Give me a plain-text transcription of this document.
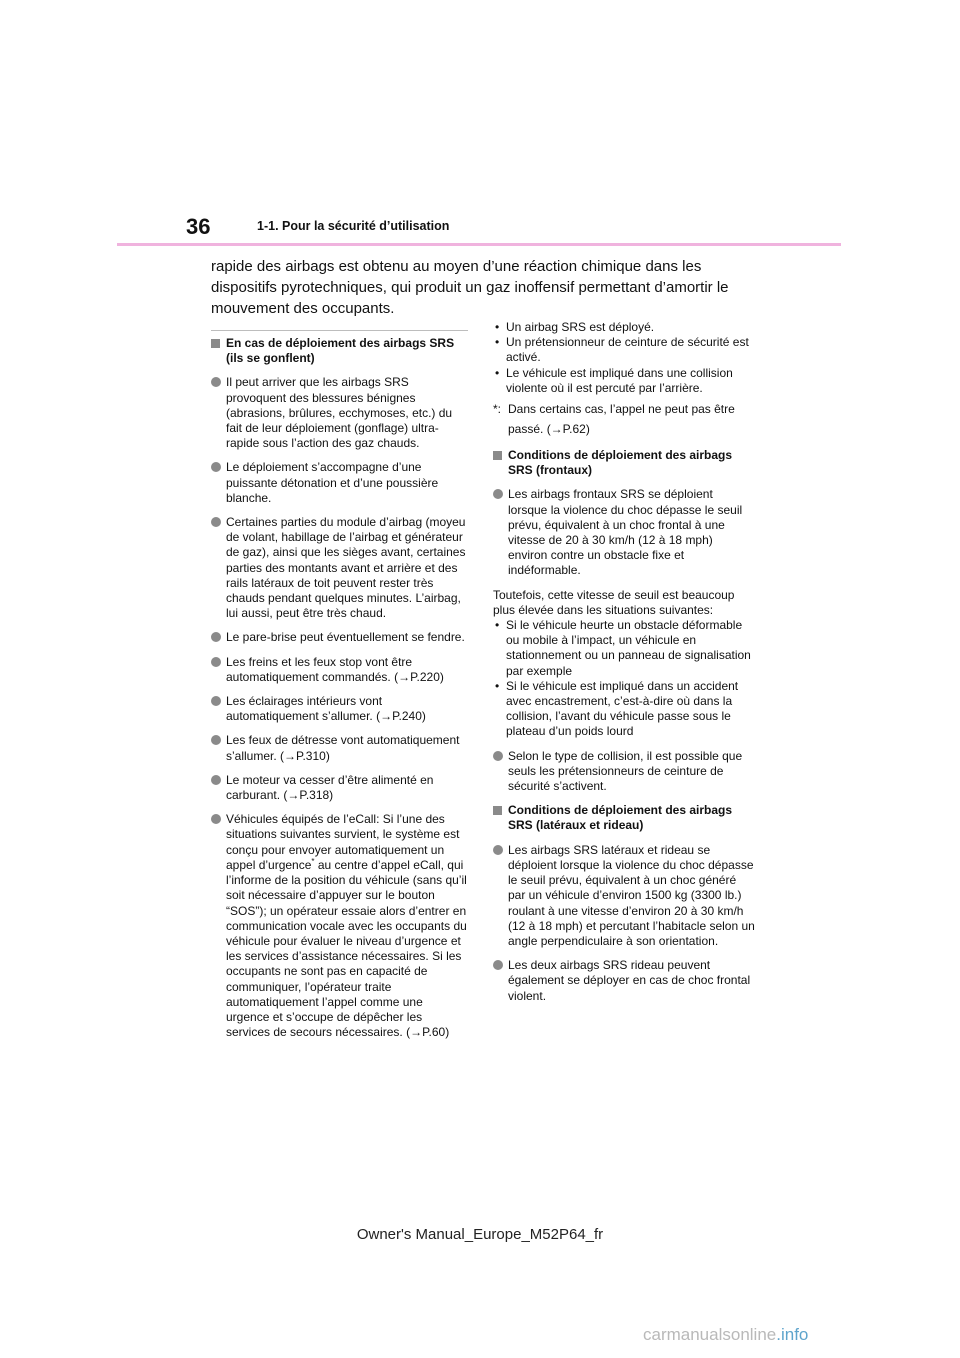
36	1-1. Pour la sécurité d’utilisation
rapide des airbags est obtenu au moyen d’une réaction chimique dans les dispositifs pyrotechniques, qui produit un gaz inoffensif permettant d’amortir le mouvement des occupants.
En cas de déploiement des airbags SRS (ils se gonflent)
Il peut arriver que les airbags SRS provoquent des blessures bénignes (abrasions, brûlures, ecchymoses, etc.) du fait de leur déploiement (gonflage) ultra-rapide sous l’action des gaz chauds.
Le déploiement s’accompagne d’une puissante détonation et d’une poussière blanche.
Certaines parties du module d’airbag (moyeu de volant, habillage de l’airbag et générateur de gaz), ainsi que les sièges avant, certaines parties des montants avant et arrière et des rails latéraux de toit peuvent rester très chauds pendant quelques minutes. L’airbag, lui aussi, peut être très chaud.
Le pare-brise peut éventuellement se fendre.
Les freins et les feux stop vont être automatiquement commandés. (→P.220)
Les éclairages intérieurs vont automatiquement s’allumer. (→P.240)
Les feux de détresse vont automatiquement s’allumer. (→P.310)
Le moteur va cesser d’être alimenté en carburant. (→P.318)
Véhicules équipés de l’eCall: Si l’une des situations suivantes survient, le système est conçu pour envoyer automatiquement un appel d’urgence* au centre d’appel eCall, qui l’informe de la position du véhicule (sans qu’il soit nécessaire d’appuyer sur le bouton “SOS”); un opérateur essaie alors d’entrer en communication vocale avec les occupants du véhicule pour évaluer le niveau d’urgence et les services d’assistance nécessaires. Si les occupants ne sont pas en capacité de communiquer, l’opérateur traite automatiquement l’appel comme une urgence et s’occupe de dépêcher les services de secours nécessaires. (→P.60)
• Un airbag SRS est déployé.
• Un prétensionneur de ceinture de sécurité est activé.
• Le véhicule est impliqué dans une collision violente où il est percuté par l’arrière.
*: Dans certains cas, l’appel ne peut pas être passé. (→P.62)
Conditions de déploiement des airbags SRS (frontaux)
Les airbags frontaux SRS se déploient lorsque la violence du choc dépasse le seuil prévu, équivalent à un choc frontal à une vitesse de 20 à 30 km/h (12 à 18 mph) environ contre un obstacle fixe et indéformable.
Toutefois, cette vitesse de seuil est beaucoup plus élevée dans les situations suivantes:
• Si le véhicule heurte un obstacle déformable ou mobile à l’impact, un véhicule en stationnement ou un panneau de signalisation par exemple
• Si le véhicule est impliqué dans un accident avec encastrement, c’est-à-dire où dans la collision, l’avant du véhicule passe sous le plateau d’un poids lourd
Selon le type de collision, il est possible que seuls les prétensionneurs de ceinture de sécurité s’activent.
Conditions de déploiement des airbags SRS (latéraux et rideau)
Les airbags SRS latéraux et rideau se déploient lorsque la violence du choc dépasse le seuil prévu, équivalent à un choc généré par un véhicule d’environ 1500 kg (3300 lb.) roulant à une vitesse d’environ 20 à 30 km/h (12 à 18 mph) et percutant l’habitacle selon un angle perpendiculaire à son orientation.
Les deux airbags SRS rideau peuvent également se déployer en cas de choc frontal violent.
Owner's Manual_Europe_M52P64_fr
carmanualsonline.info
